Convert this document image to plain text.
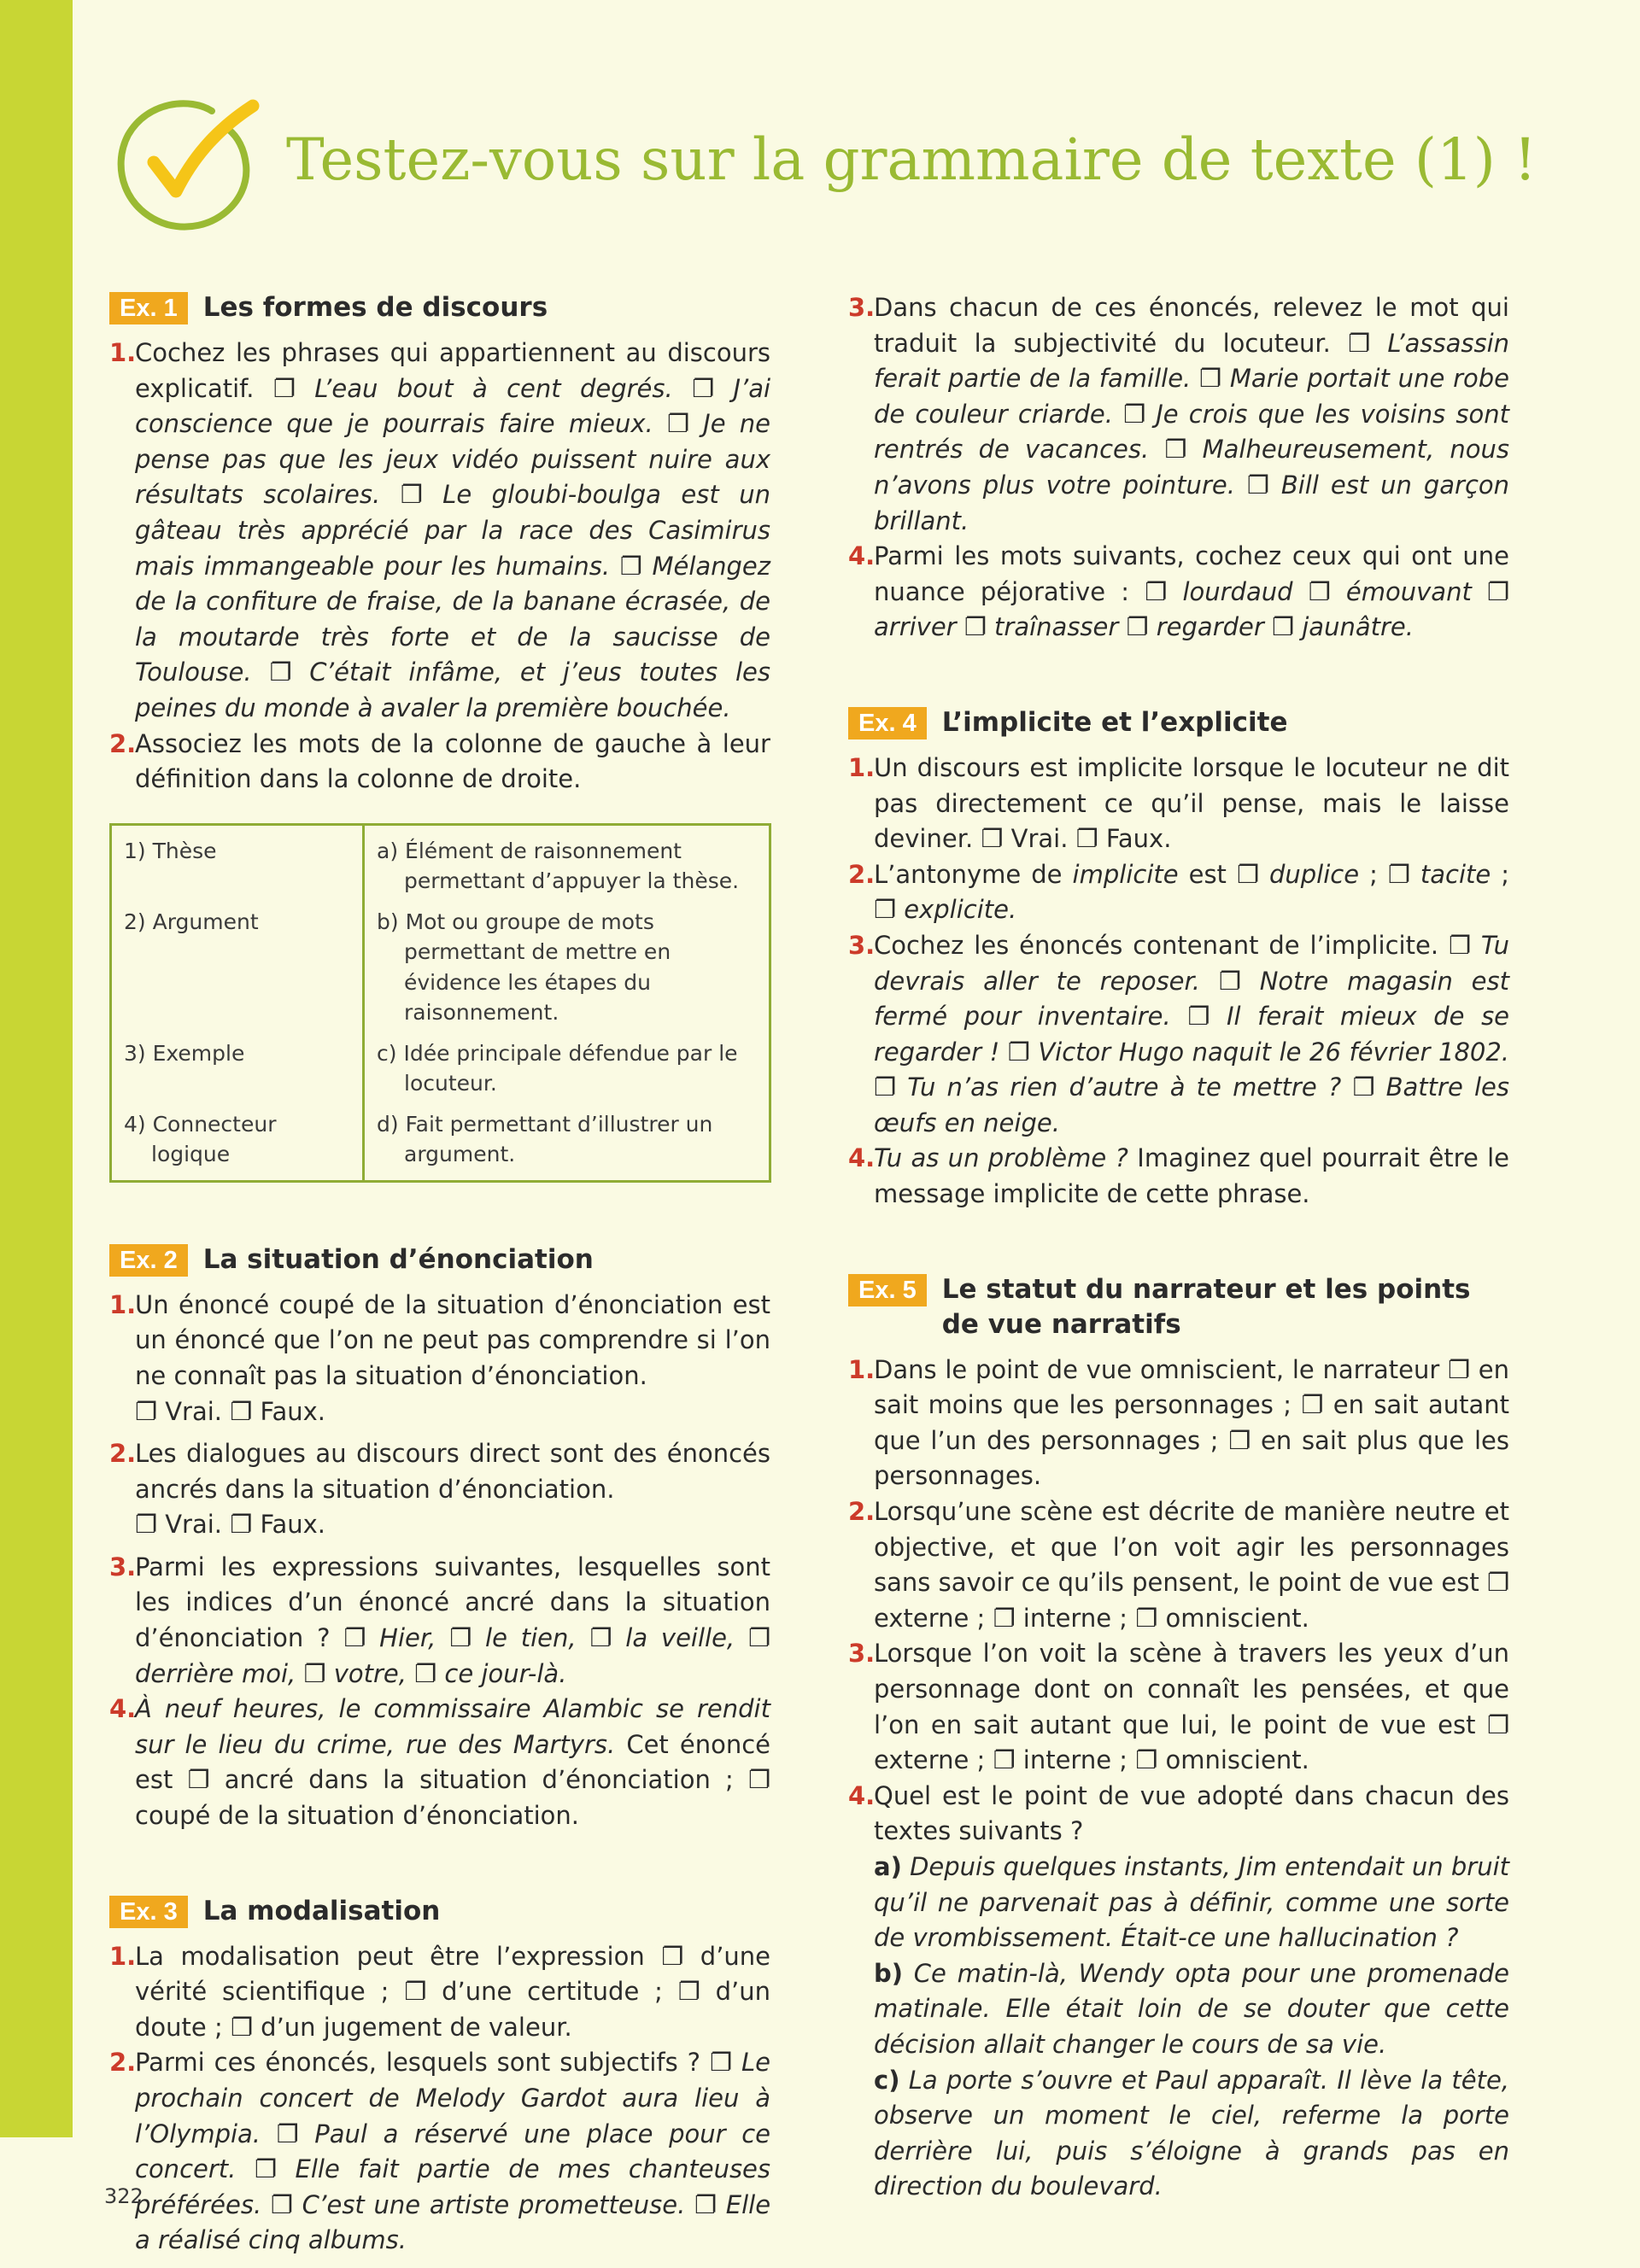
Testez-vous sur la grammaire de texte (1) !
Ex. 1 Les formes de discours

1.
Cochez les phrases qui appartiennent au discours explicatif. ❐ L’eau bout à cent degrés. ❐ J’ai conscience que je pourrais faire mieux. ❐ Je ne pense pas que les jeux vidéo puissent nuire aux résultats scolaires. ❐ Le gloubi-boulga est un gâteau très apprécié par la race des Casimirus mais immangeable pour les humains. ❐ Mélangez de la confiture de fraise, de la banane écrasée, de la moutarde très forte et de la saucisse de Toulouse. ❐ C’était infâme, et j’eus toutes les peines du monde à avaler la première bouchée.

2.
Associez les mots de la colonne de gauche à leur définition dans la colonne de droite.

1) Thèse	a) Élément de raisonnement permettant d’appuyer la thèse.

2) Argument	b) Mot ou groupe de mots permettant de mettre en évidence les étapes du raisonnement.

3) Exemple	c) Idée principale défendue par le locuteur.

4) Connecteur logique	d) Fait permettant d’illustrer un argument.
Ex. 2 La situation d’énonciation

1.
Un énoncé coupé de la situation d’énonciation est un énoncé que l’on ne peut pas comprendre si l’on ne connaît pas la situation d’énonciation.
❐ Vrai. ❐ Faux.

2.
Les dialogues au discours direct sont des énoncés ancrés dans la situation d’énonciation.
❐ Vrai. ❐ Faux.

3.
Parmi les expressions suivantes, lesquelles sont les indices d’un énoncé ancré dans la situation d’énonciation ? ❐ Hier, ❐ le tien, ❐ la veille, ❐ derrière moi, ❐ votre, ❐ ce jour-là.

4.
À neuf heures, le commissaire Alambic se rendit sur le lieu du crime, rue des Martyrs. Cet énoncé est ❐ ancré dans la situation d’énonciation ; ❐ coupé de la situation d’énonciation.

Ex. 3 La modalisation

1.
La modalisation peut être l’expression ❐ d’une vérité scientifique ; ❐ d’une certitude ; ❐ d’un doute ; ❐ d’un jugement de valeur.

2.
Parmi ces énoncés, lesquels sont subjectifs ? ❐ Le prochain concert de Melody Gardot aura lieu à l’Olympia. ❐ Paul a réservé une place pour ce concert. ❐ Elle fait partie de mes chanteuses préférées. ❐ C’est une artiste prometteuse. ❐ Elle a réalisé cinq albums.

3.
Dans chacun de ces énoncés, relevez le mot qui traduit la subjectivité du locuteur. ❐ L’assassin ferait partie de la famille. ❐ Marie portait une robe de couleur criarde. ❐ Je crois que les voisins sont rentrés de vacances. ❐ Malheureusement, nous n’avons plus votre pointure. ❐ Bill est un garçon brillant.

4.
Parmi les mots suivants, cochez ceux qui ont une nuance péjorative : ❐ lourdaud ❐ émouvant ❐ arriver ❐ traînasser ❐ regarder ❐ jaunâtre.

Ex. 4 L’implicite et l’explicite

1.
Un discours est implicite lorsque le locuteur ne dit pas directement ce qu’il pense, mais le laisse deviner. ❐ Vrai. ❐ Faux.

2.
L’antonyme de implicite est ❐ duplice ; ❐ tacite ; ❐ explicite.

3.
Cochez les énoncés contenant de l’implicite. ❐ Tu devrais aller te reposer. ❐ Notre magasin est fermé pour inventaire. ❐ Il ferait mieux de se regarder ! ❐ Victor Hugo naquit le 26 février 1802. ❐ Tu n’as rien d’autre à te mettre ? ❐ Battre les œufs en neige.

4.
Tu as un problème ? Imaginez quel pourrait être le message implicite de cette phrase.

Ex. 5 Le statut du narrateur et les points de vue narratifs

1.
Dans le point de vue omniscient, le narrateur ❐ en sait moins que les personnages ; ❐ en sait autant que l’un des personnages ; ❐ en sait plus que les personnages.

2.
Lorsqu’une scène est décrite de manière neutre et objective, et que l’on voit agir les personnages sans savoir ce qu’ils pensent, le point de vue est ❐ externe ; ❐ interne ; ❐ omniscient.

3.
Lorsque l’on voit la scène à travers les yeux d’un personnage dont on connaît les pensées, et que l’on en sait autant que lui, le point de vue est ❐ externe ; ❐ interne ; ❐ omniscient.

4.
Quel est le point de vue adopté dans chacun des textes suivants ?
a) Depuis quelques instants, Jim entendait un bruit qu’il ne parvenait pas à définir, comme une sorte de vrombissement. Était-ce une hallucination ?
b) Ce matin-là, Wendy opta pour une promenade matinale. Elle était loin de se douter que cette décision allait changer le cours de sa vie.
c) La porte s’ouvre et Paul apparaît. Il lève la tête, observe un moment le ciel, referme la porte derrière lui, puis s’éloigne à grands pas en direction du boulevard.

322
